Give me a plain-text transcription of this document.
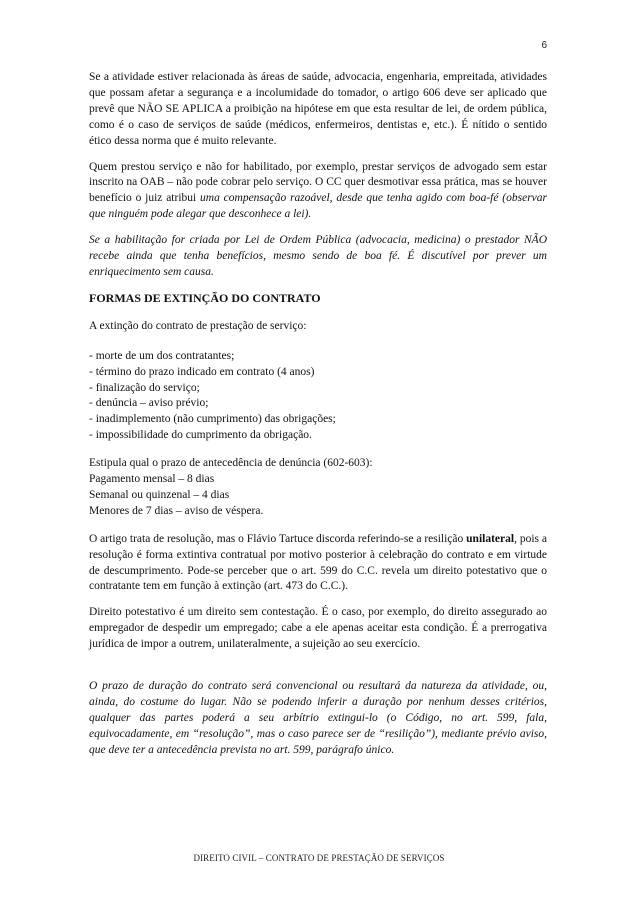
6

Se a atividade estiver relacionada às áreas de saúde, advocacia, engenharia, empreitada, atividades que possam afetar a segurança e a incolumidade do tomador, o artigo 606 deve ser aplicado que prevê que NÃO SE APLICA a proibição na hipótese em que esta resultar de lei, de ordem pública, como é o caso de serviços de saúde (médicos, enfermeiros, dentistas e, etc.). É nítido o sentido ético dessa norma que é muito relevante.

Quem prestou serviço e não for habilitado, por exemplo, prestar serviços de advogado sem estar inscrito na OAB – não pode cobrar pelo serviço. O CC quer desmotivar essa prática, mas se houver benefício o juiz atribui uma compensação razoável, desde que tenha agido com boa-fé (observar que ninguém pode alegar que desconhece a lei).

Se a habilitação for criada por Lei de Ordem Pública (advocacia, medicina) o prestador NÃO recebe ainda que tenha benefícios, mesmo sendo de boa fé. É discutível por prever um enriquecimento sem causa.

FORMAS DE EXTINÇÃO DO CONTRATO

A extinção do contrato de prestação de serviço:

- morte de um dos contratantes;
- término do prazo indicado em contrato (4 anos)
- finalização do serviço;
- denúncia – aviso prévio;
- inadimplemento (não cumprimento) das obrigações;
- impossibilidade do cumprimento da obrigação.
Estipula qual o prazo de antecedência de denúncia (602-603):
Pagamento mensal – 8 dias
Semanal ou quinzenal – 4 dias
Menores de 7 dias – aviso de véspera.

O artigo trata de resolução, mas o Flávio Tartuce discorda referindo-se a resilição unilateral, pois a resolução é forma extintiva contratual por motivo posterior à celebração do contrato e em virtude de descumprimento. Pode-se perceber que o art. 599 do C.C. revela um direito potestativo que o contratante tem em função à extinção (art. 473 do C.C.).

Direito potestativo é um direito sem contestação. É o caso, por exemplo, do direito assegurado ao empregador de despedir um empregado; cabe a ele apenas aceitar esta condição. É a prerrogativa jurídica de impor a outrem, unilateralmente, a sujeição ao seu exercício.

O prazo de duração do contrato será convencional ou resultará da natureza da atividade, ou, ainda, do costume do lugar. Não se podendo inferir a duração por nenhum desses critérios, qualquer das partes poderá a seu arbítrio extingui-lo (o Código, no art. 599, fala, equivocadamente, em “resolução”, mas o caso parece ser de “resilição”), mediante prévio aviso, que deve ter a antecedência prevista no art. 599, parágrafo único.

DIREITO CIVIL – CONTRATO DE PRESTAÇÃO DE SERVIÇOS
